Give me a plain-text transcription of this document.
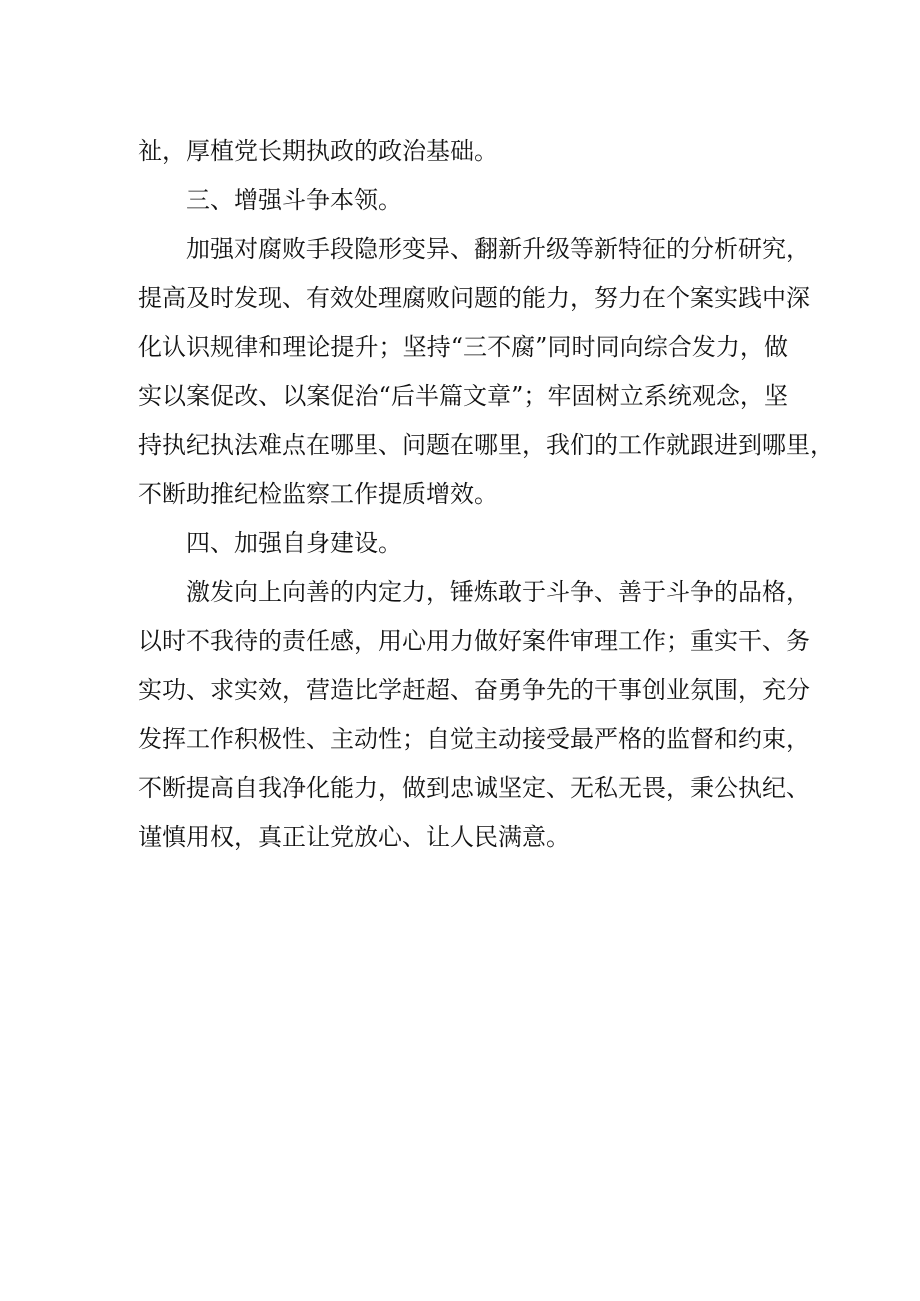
祉，厚植党长期执政的政治基础。
三、增强斗争本领。
加强对腐败手段隐形变异、翻新升级等新特征的分析研究，
提高及时发现、有效处理腐败问题的能力，努力在个案实践中深
化认识规律和理论提升；坚持“三不腐”同时同向综合发力，做
实以案促改、以案促治“后半篇文章”；牢固树立系统观念，坚
持执纪执法难点在哪里、问题在哪里，我们的工作就跟进到哪里，
不断助推纪检监察工作提质增效。
四、加强自身建设。
激发向上向善的内定力，锤炼敢于斗争、善于斗争的品格，
以时不我待的责任感，用心用力做好案件审理工作；重实干、务
实功、求实效，营造比学赶超、奋勇争先的干事创业氛围，充分
发挥工作积极性、主动性；自觉主动接受最严格的监督和约束，
不断提高自我净化能力，做到忠诚坚定、无私无畏，秉公执纪、
谨慎用权，真正让党放心、让人民满意。
